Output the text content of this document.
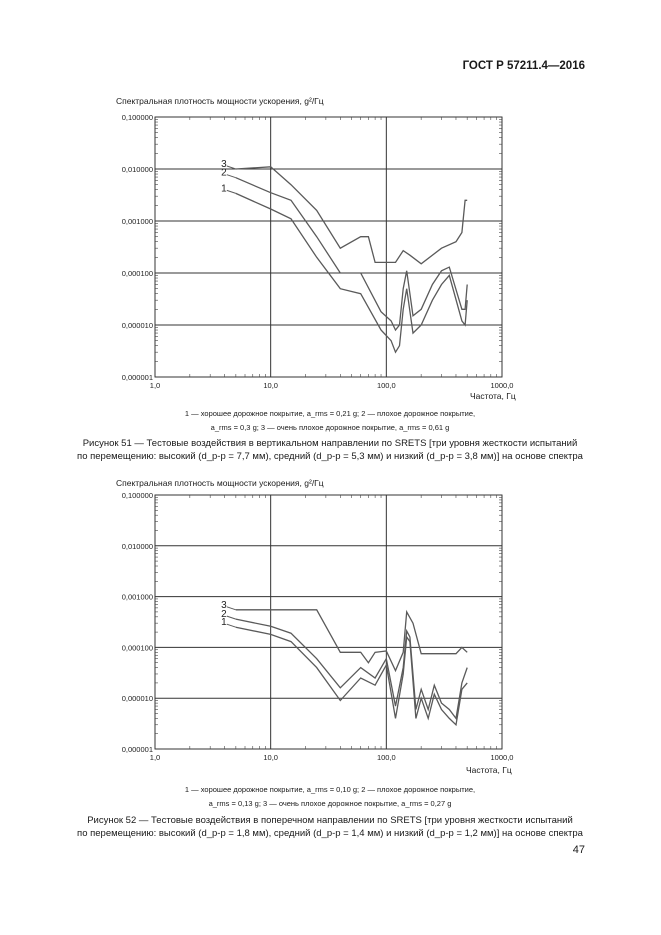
ГОСТ Р 57211.4—2016
Спектральная плотность мощности ускорения, g²/Гц
1,0	10,0	100,0	1000,0
0,000001
0,000010
0,000100
0,001000
0,010000
0,100000
1
2
3
Частота, Гц
1 — хорошее дорожное покрытие, a_rms = 0,21 g; 2 — плохое дорожное покрытие,
a_rms = 0,3 g; 3 — очень плохое дорожное покрытие, a_rms = 0,61 g
Рисунок 51 — Тестовые воздействия в вертикальном направлении по SRETS [три уровня жесткости испытаний
по перемещению: высокий (d_p-p = 7,7 мм), средний (d_p-p = 5,3 мм) и низкий (d_p-p = 3,8 мм)] на основе спектра
Спектральная плотность мощности ускорения, g²/Гц
1,0	10,0	100,0	1000,0
0,000001
0,000010
0,000100
0,001000
0,010000
0,100000
1
2
3
Частота, Гц
1 — хорошее дорожное покрытие, a_rms = 0,10 g; 2 — плохое дорожное покрытие,
a_rms = 0,13 g; 3 — очень плохое дорожное покрытие, a_rms = 0,27 g
Рисунок 52 — Тестовые воздействия в поперечном направлении по SRETS [три уровня жесткости испытаний
по перемещению: высокий (d_p-p = 1,8 мм), средний (d_p-p = 1,4 мм) и низкий (d_p-p = 1,2 мм)] на основе спектра
47
